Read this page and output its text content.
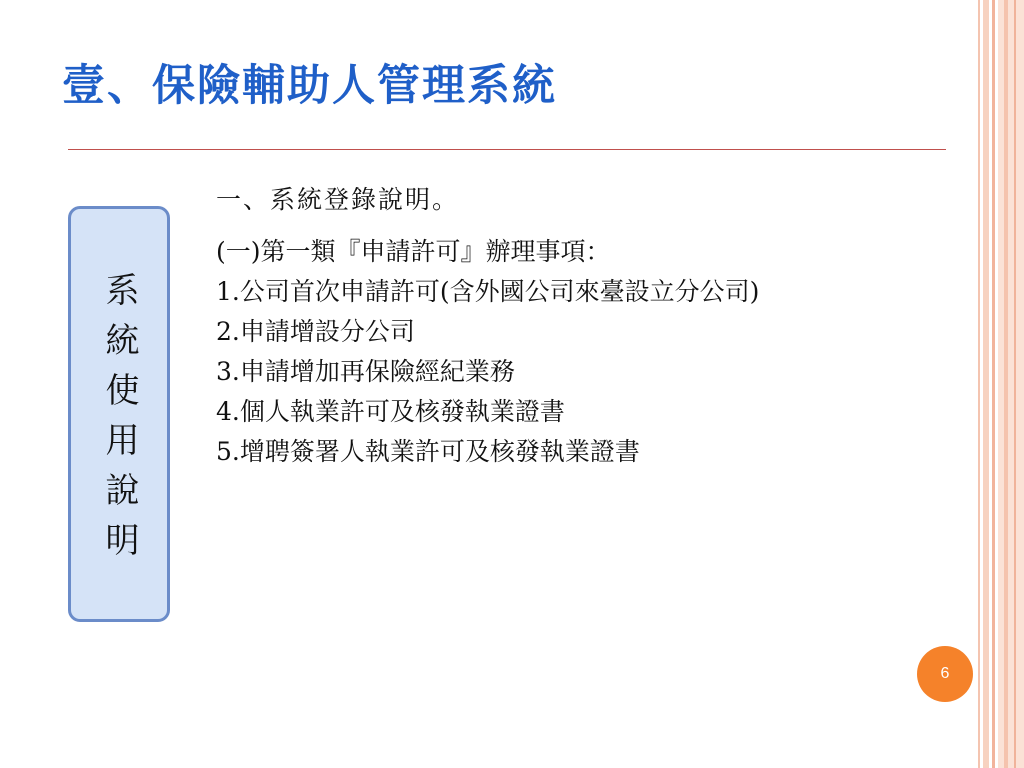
壹、保險輔助人管理系統
系統使用說明
一、系統登錄說明。
(一)第一類『申請許可』辦理事項：
1.公司首次申請許可(含外國公司來臺設立分公司)
2.申請增設分公司
3.申請增加再保險經紀業務
4.個人執業許可及核發執業證書
5.增聘簽署人執業許可及核發執業證書
6
